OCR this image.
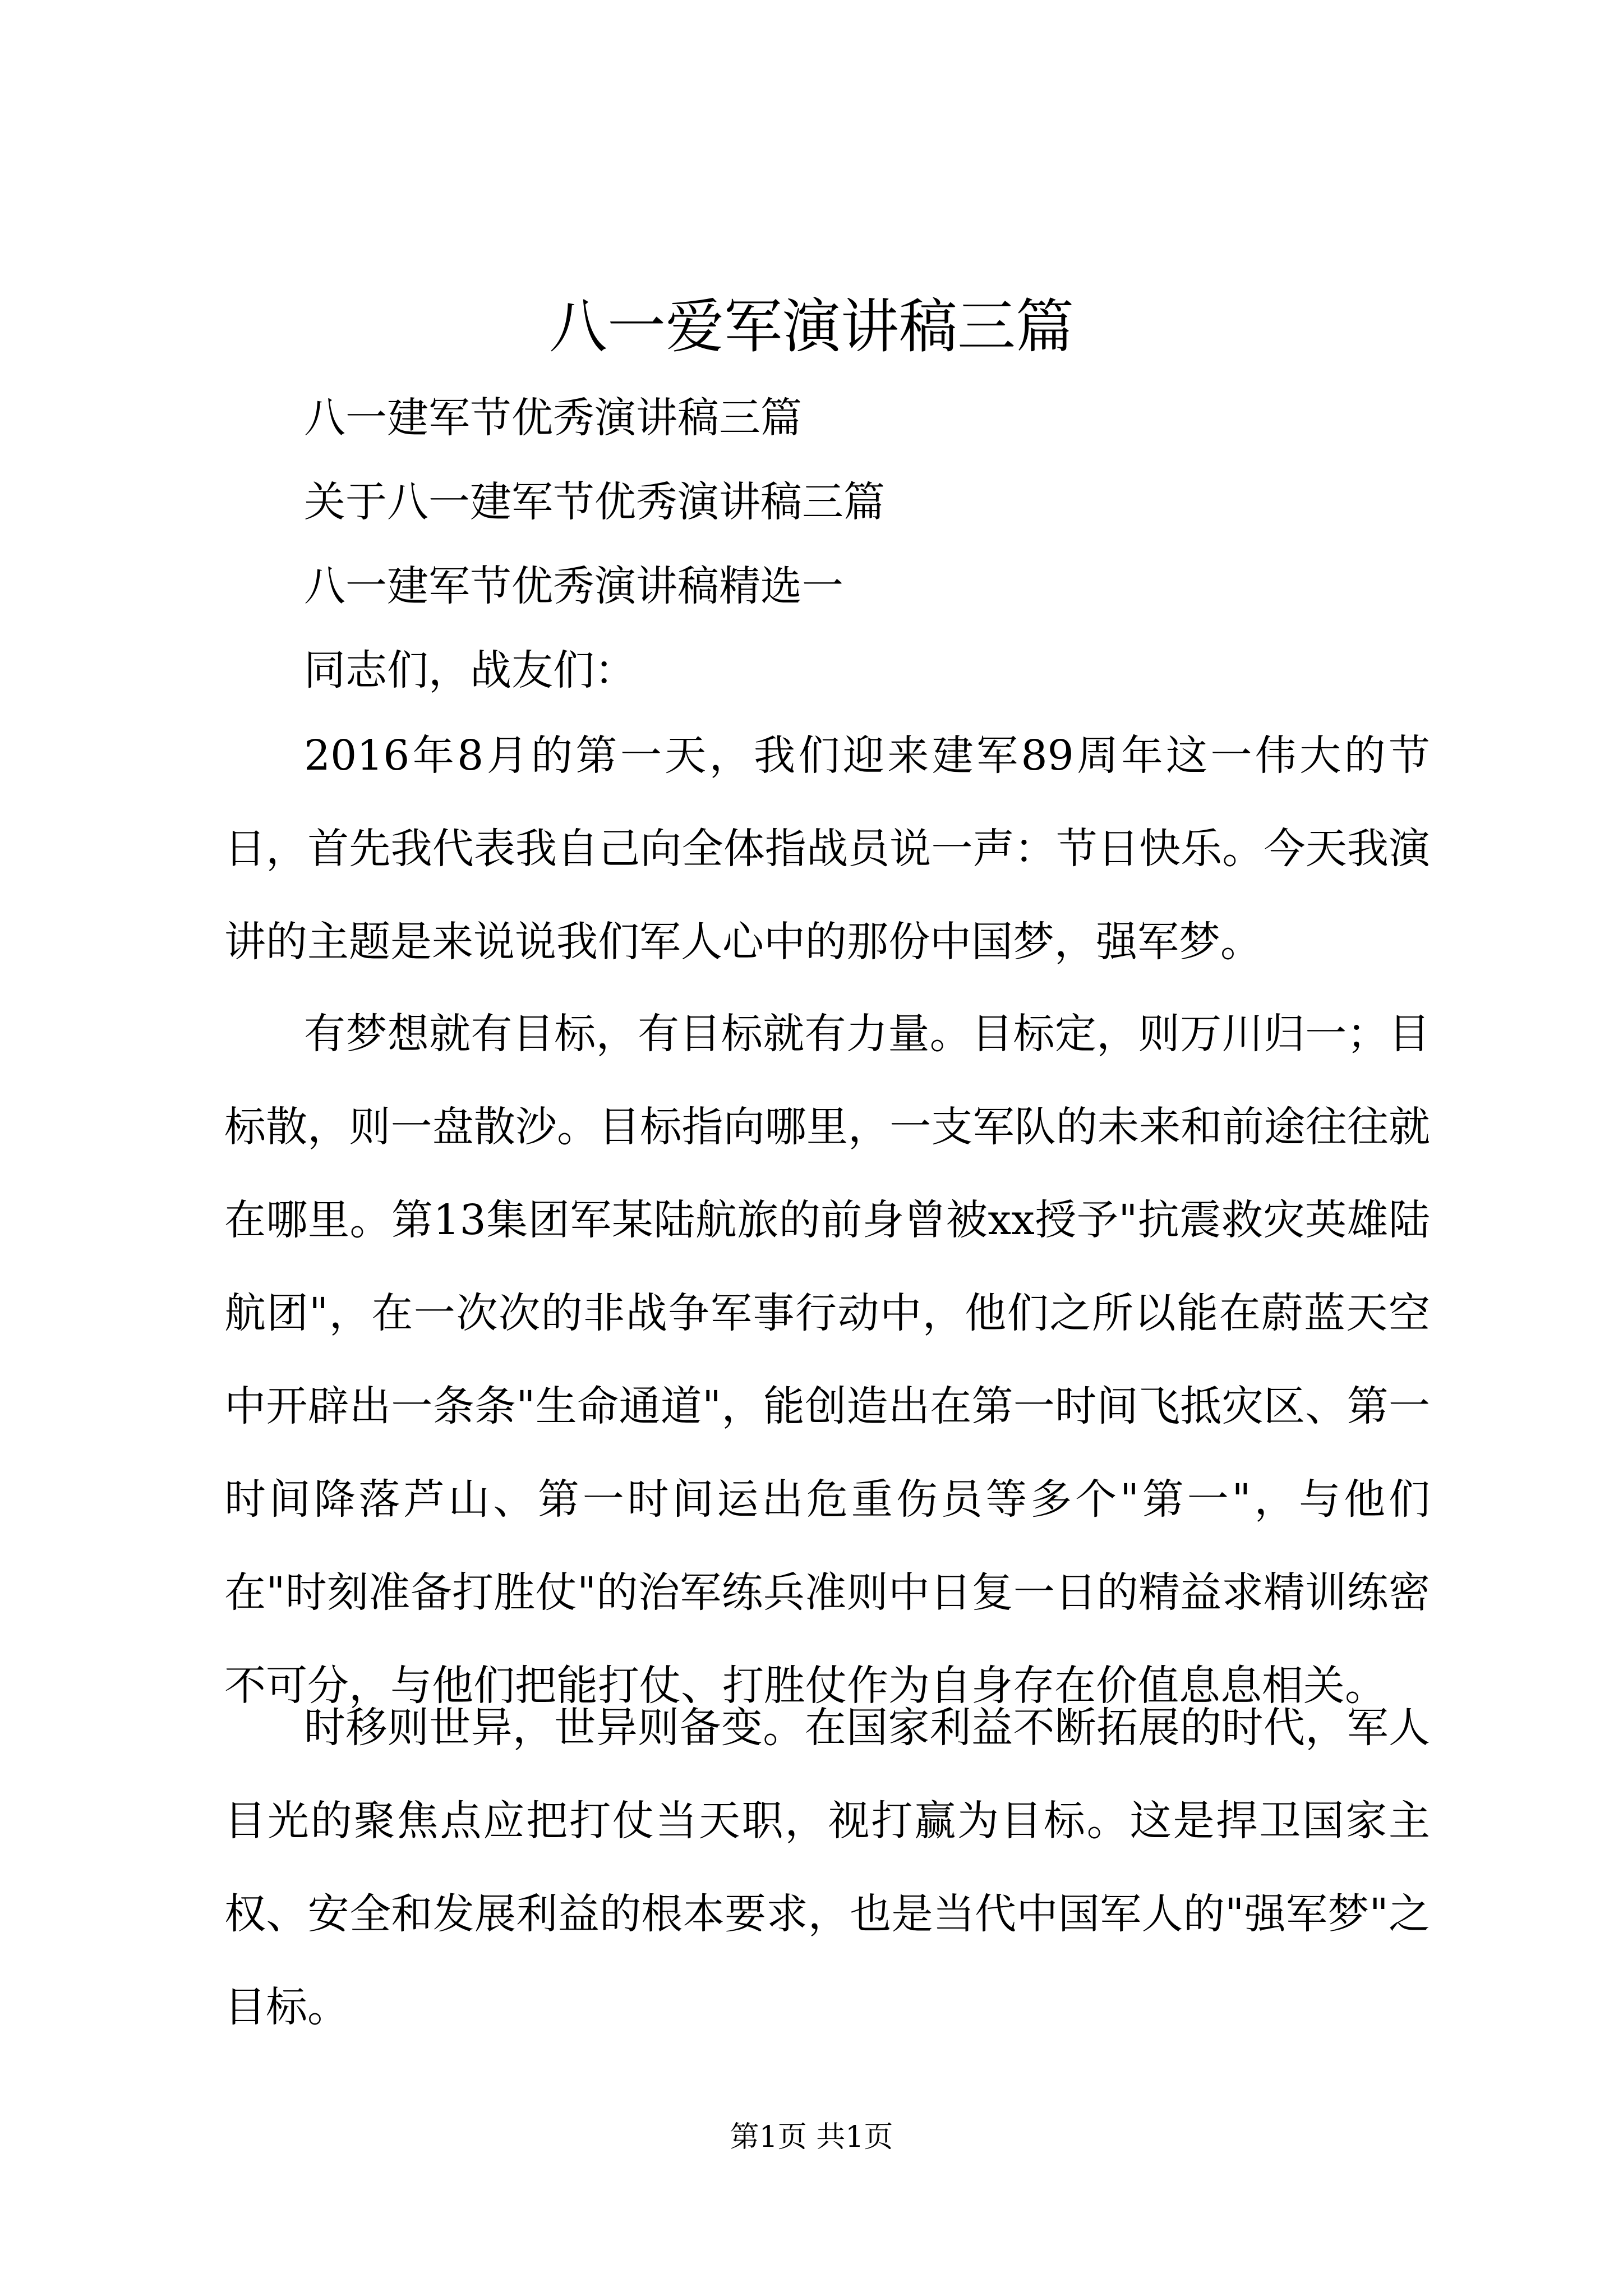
八一爱军演讲稿三篇

八一建军节优秀演讲稿三篇

关于八一建军节优秀演讲稿三篇

八一建军节优秀演讲稿精选一

同志们，战友们：

2016年8月的第一天，我们迎来建军89周年这一伟大的节日，首先我代表我自己向全体指战员说一声：节日快乐。今天我演讲的主题是来说说我们军人心中的那份中国梦，强军梦。

有梦想就有目标，有目标就有力量。目标定，则万川归一；目标散，则一盘散沙。目标指向哪里，一支军队的未来和前途往往就在哪里。第13集团军某陆航旅的前身曾被xx授予"抗震救灾英雄陆航团"，在一次次的非战争军事行动中，他们之所以能在蔚蓝天空中开辟出一条条"生命通道"，能创造出在第一时间飞抵灾区、第一时间降落芦山、第一时间运出危重伤员等多个"第一"，与他们在"时刻准备打胜仗"的治军练兵准则中日复一日的精益求精训练密不可分，与他们把能打仗、打胜仗作为自身存在价值息息相关。

时移则世异，世异则备变。在国家利益不断拓展的时代，军人目光的聚焦点应把打仗当天职，视打赢为目标。这是捍卫国家主权、安全和发展利益的根本要求，也是当代中国军人的"强军梦"之目标。

第1页 共1页
